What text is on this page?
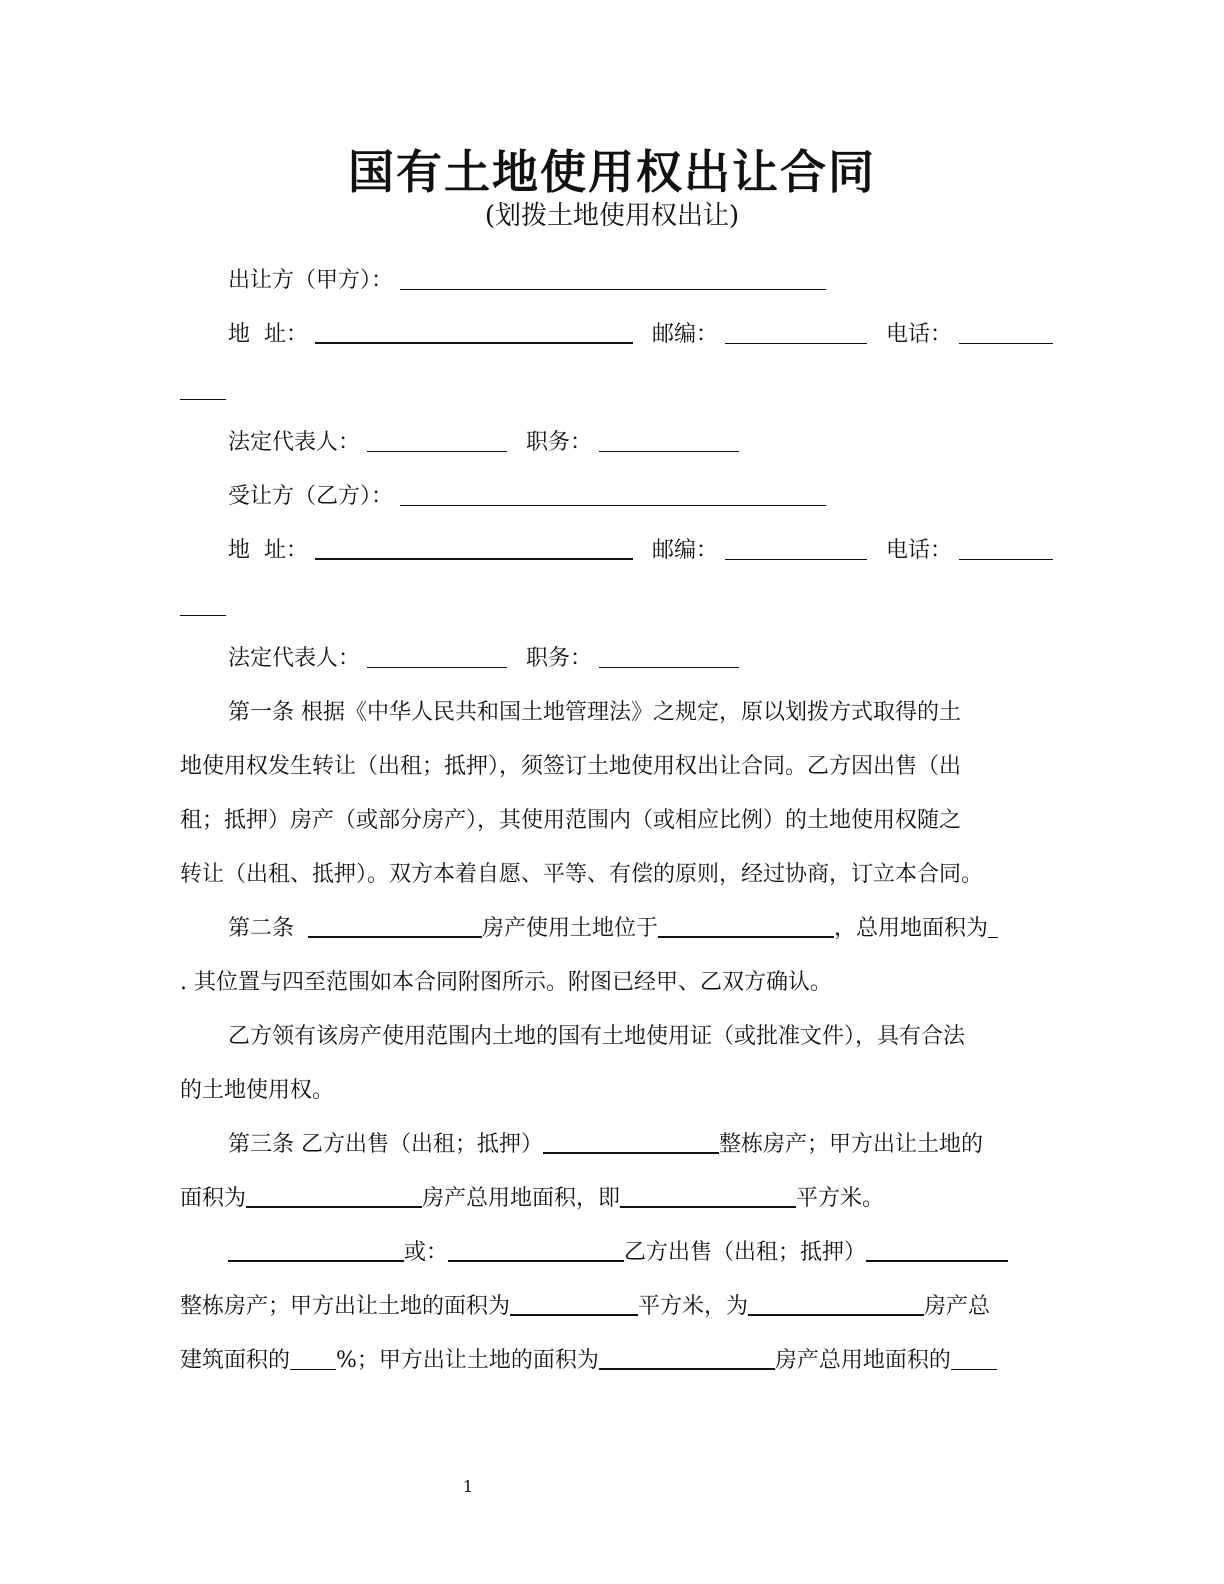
国有土地使用权出让合同
(划拨土地使用权出让)
出让方（甲方）：
地  址：	邮编：	电话：
法定代表人：	职务：
受让方（乙方）：
地  址：	邮编：	电话：
法定代表人：	职务：
第一条 根据《中华人民共和国土地管理法》之规定，原以划拨方式取得的土
地使用权发生转让（出租；抵押），须签订土地使用权出让合同。乙方因出售（出
租；抵押）房产（或部分房产），其使用范围内（或相应比例）的土地使用权随之
转让（出租、抵押）。双方本着自愿、平等、有偿的原则，经过协商，订立本合同。
第二条	房产使用土地位于	，总用地面积为
. 其位置与四至范围如本合同附图所示。附图已经甲、乙双方确认。
乙方领有该房产使用范围内土地的国有土地使用证（或批准文件），具有合法
的土地使用权。
第三条 乙方出售（出租；抵押）	整栋房产；甲方出让土地的
面积为	房产总用地面积，即	平方米。
或：	乙方出售（出租；抵押）
整栋房产；甲方出让土地的面积为	平方米，为	房产总
建筑面积的 %；甲方出让土地的面积为	房产总用地面积的
1
